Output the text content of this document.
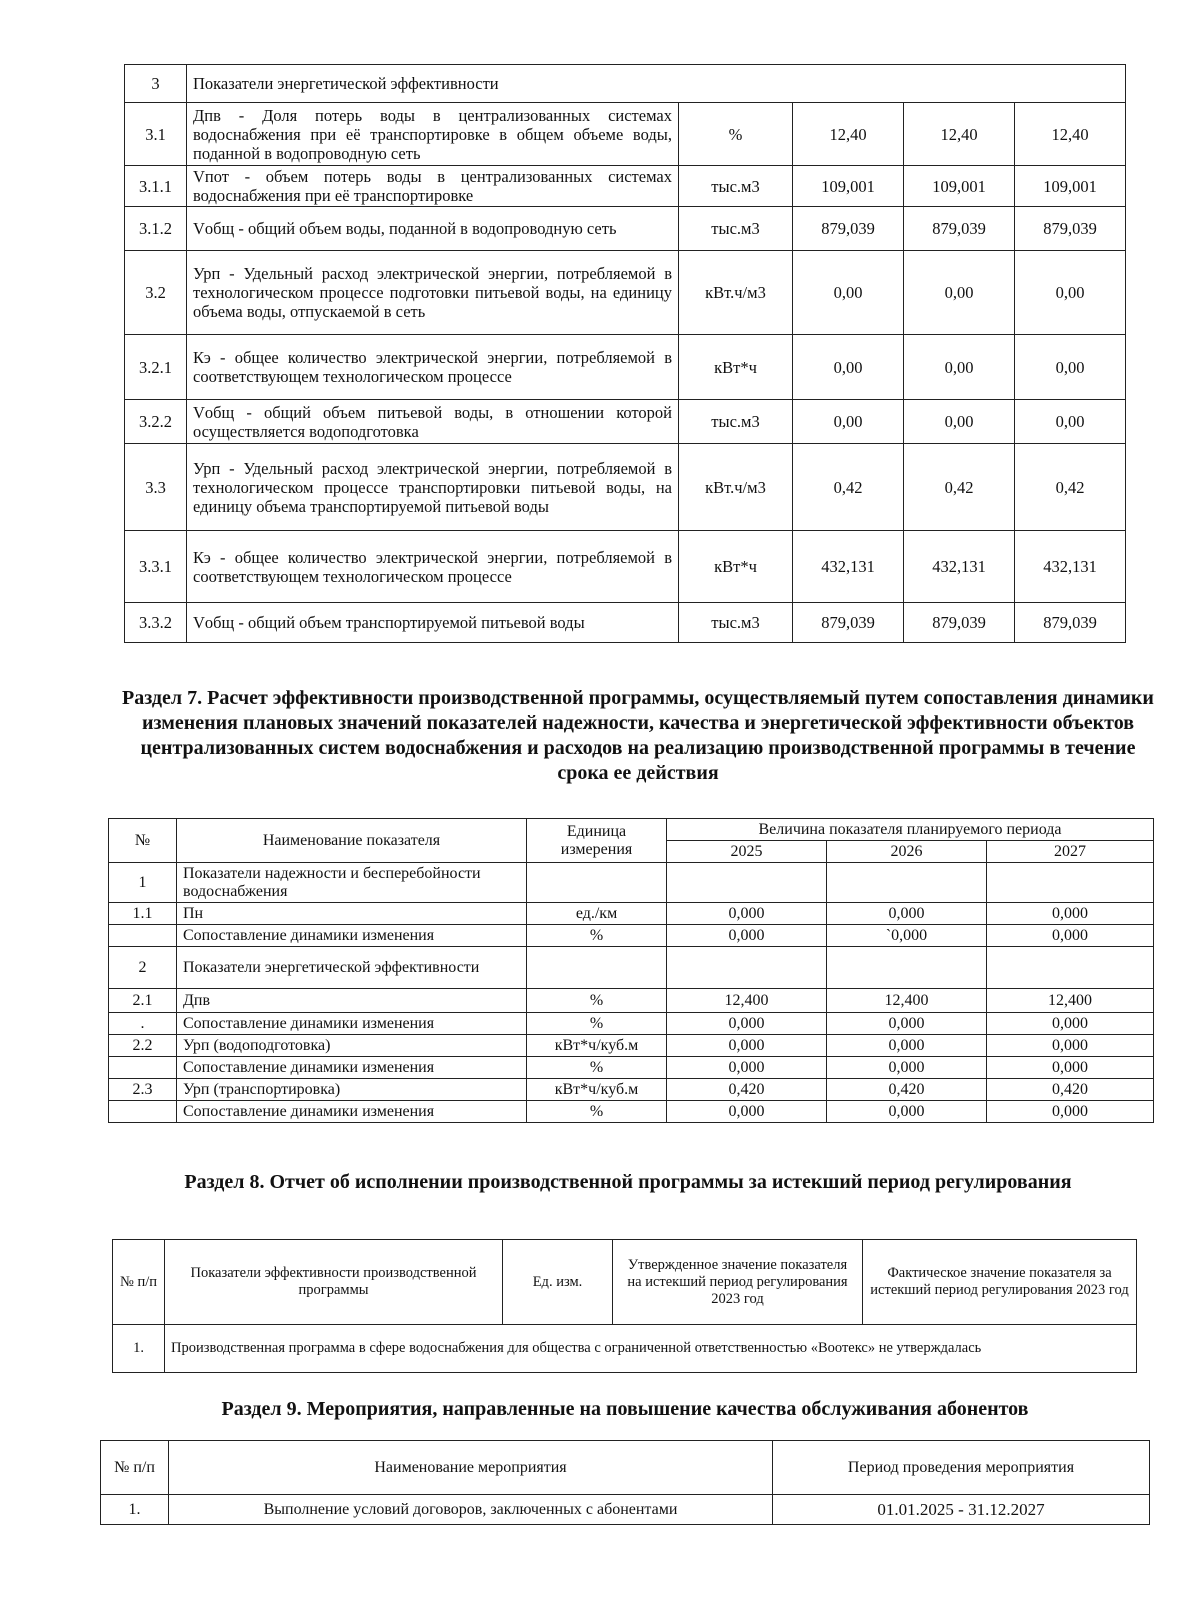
3	Показатели энергетической эффективности				
3.1	Дпв - Доля потерь воды в централизованных системах водоснабжения при её транспортировке в общем объеме воды, поданной в водопроводную сеть	%	12,40	12,40	12,40
3.1.1	Vпот - объем потерь воды в централизованных системах водоснабжения при её транспортировке	тыс.м3	109,001	109,001	109,001
3.1.2	Vобщ - общий объем воды, поданной в водопроводную сеть	тыс.м3	879,039	879,039	879,039
3.2	Урп - Удельный расход электрической энергии, потребляемой в технологическом процессе подготовки питьевой воды, на единицу объема воды, отпускаемой в сеть	кВт.ч/м3	0,00	0,00	0,00
3.2.1	Кэ - общее количество электрической энергии, потребляемой в соответствующем технологическом процессе	кВт*ч	0,00	0,00	0,00
3.2.2	Vобщ - общий объем питьевой воды, в отношении которой осуществляется водоподготовка	тыс.м3	0,00	0,00	0,00
3.3	Урп - Удельный расход электрической энергии, потребляемой в технологическом процессе транспортировки питьевой воды, на единицу объема транспортируемой питьевой воды	кВт.ч/м3	0,42	0,42	0,42
3.3.1	Кэ - общее количество электрической энергии, потребляемой в соответствующем технологическом процессе	кВт*ч	432,131	432,131	432,131
3.3.2	Vобщ - общий объем транспортируемой питьевой воды	тыс.м3	879,039	879,039	879,039
Раздел 7. Расчет эффективности производственной программы, осуществляемый путем сопоставления динамики изменения плановых значений показателей надежности, качества и энергетической эффективности объектов централизованных систем водоснабжения и расходов на реализацию производственной программы в течение срока ее действия
№	Наименование показателя	Единица измерения	Величина показателя планируемого периода		
			2025	2026	2027
1	Показатели надежности и бесперебойности водоснабжения				
1.1	Пн	ед./км	0,000	0,000	0,000
	Сопоставление динамики изменения	%	0,000	`0,000	0,000
2	Показатели энергетической эффективности				
2.1	Дпв	%	12,400	12,400	12,400
.	Сопоставление динамики изменения	%	0,000	0,000	0,000
2.2	Урп (водоподготовка)	кВт*ч/куб.м	0,000	0,000	0,000
	Сопоставление динамики изменения	%	0,000	0,000	0,000
2.3	Урп (транспортировка)	кВт*ч/куб.м	0,420	0,420	0,420
	Сопоставление динамики изменения	%	0,000	0,000	0,000
Раздел 8. Отчет об исполнении производственной программы за истекший период регулирования
№ п/п	Показатели эффективности производственной программы	Ед. изм.	Утвержденное значение показателя на истекший период регулирования 2023 год	Фактическое значение показателя за истекший период регулирования 2023 год
1.	Производственная программа в сфере водоснабжения для общества с ограниченной ответственностью «Воотекс» не утверждалась			
Раздел 9. Мероприятия, направленные на повышение качества обслуживания абонентов
№ п/п	Наименование мероприятия	Период проведения мероприятия
1.	Выполнение условий договоров, заключенных с абонентами	01.01.2025 - 31.12.2027
